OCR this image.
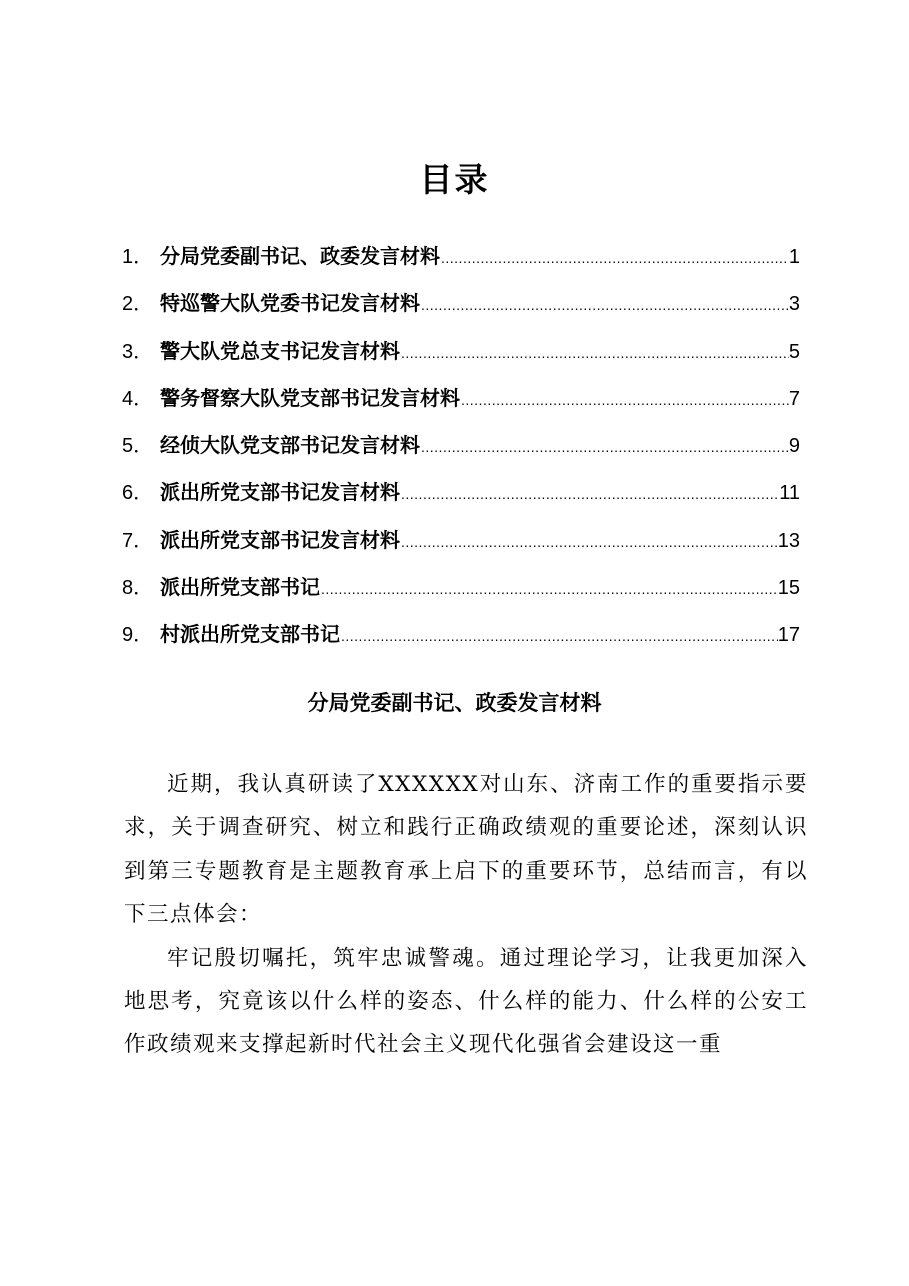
目录
1． 分局党委副书记、政委发言材料 .....	1
2． 特巡警大队党委书记发言材料 .....	3
3． 警大队党总支书记发言材料 .....	5
4． 警务督察大队党支部书记发言材料 .....	7
5． 经侦大队党支部书记发言材料 .....	9
6． 派出所党支部书记发言材料 .....	11
7． 派出所党支部书记发言材料 .....	13
8． 派出所党支部书记 .....	15
9． 村派出所党支部书记 .....	17
分局党委副书记、政委发言材料

近期，我认真研读了XXXXXX对山东、济南工作的重要指示要求，关于调查研究、树立和践行正确政绩观的重要论述，深刻认识到第三专题教育是主题教育承上启下的重要环节，总结而言，有以下三点体会：

牢记殷切嘱托，筑牢忠诚警魂。通过理论学习，让我更加深入地思考，究竟该以什么样的姿态、什么样的能力、什么样的公安工作政绩观来支撑起新时代社会主义现代化强省会建设这一重
